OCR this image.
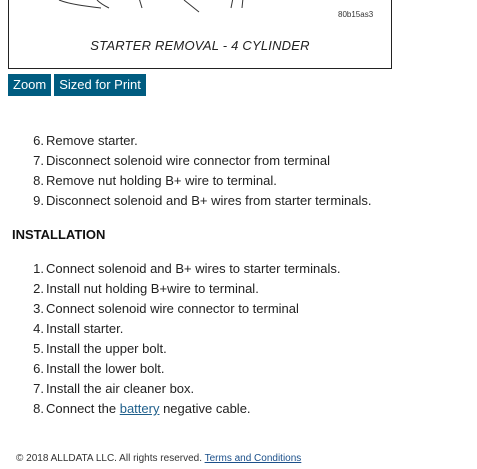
80b15as3
STARTER REMOVAL - 4 CYLINDER
Zoom	Sized for Print
6. Remove starter.
7. Disconnect solenoid wire connector from terminal
8. Remove nut holding B+ wire to terminal.
9. Disconnect solenoid and B+ wires from starter terminals.
INSTALLATION
1. Connect solenoid and B+ wires to starter terminals.
2. Install nut holding B+wire to terminal.
3. Connect solenoid wire connector to terminal
4. Install starter.
5. Install the upper bolt.
6. Install the lower bolt.
7. Install the air cleaner box.
8. Connect the battery negative cable.
© 2018 ALLDATA LLC. All rights reserved. Terms and Conditions
